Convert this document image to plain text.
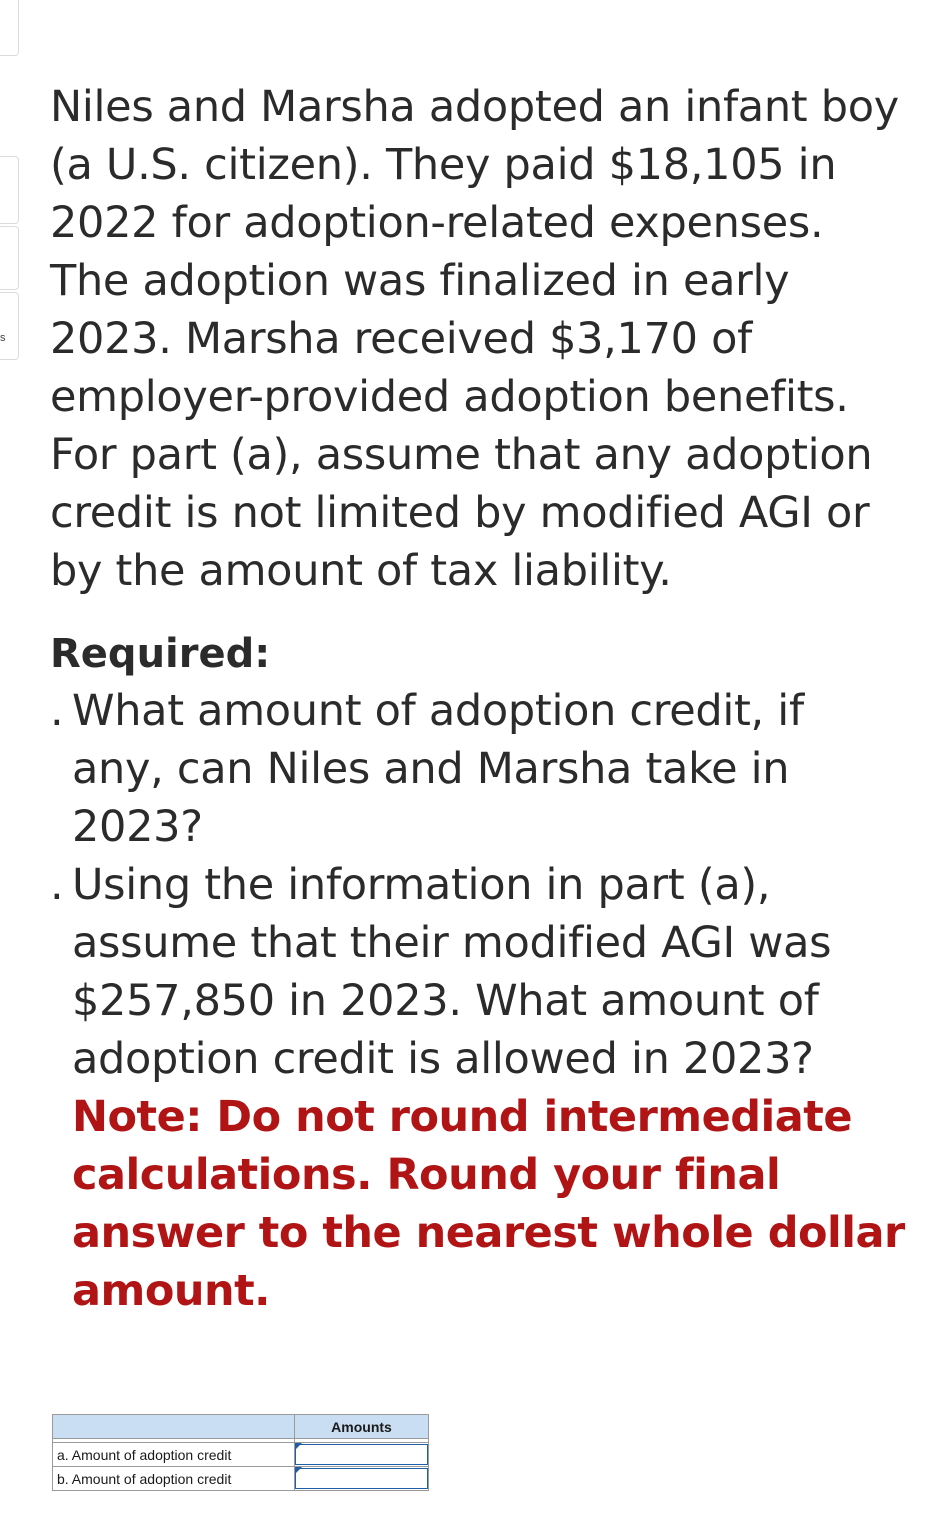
s

Niles and Marsha adopted an infant boy (a U.S. citizen). They paid $18,105 in 2022 for adoption-related expenses. The adoption was finalized in early 2023. Marsha received $3,170 of employer-provided adoption benefits. For part (a), assume that any adoption credit is not limited by modified AGI or by the amount of tax liability.

Required:
. What amount of adoption credit, if any, can Niles and Marsha take in 2023?
. Using the information in part (a), assume that their modified AGI was $257,850 in 2023. What amount of adoption credit is allowed in 2023? Note: Do not round intermediate calculations. Round your final answer to the nearest whole dollar amount.
	Amounts

a. Amount of adoption credit	

b. Amount of adoption credit	
